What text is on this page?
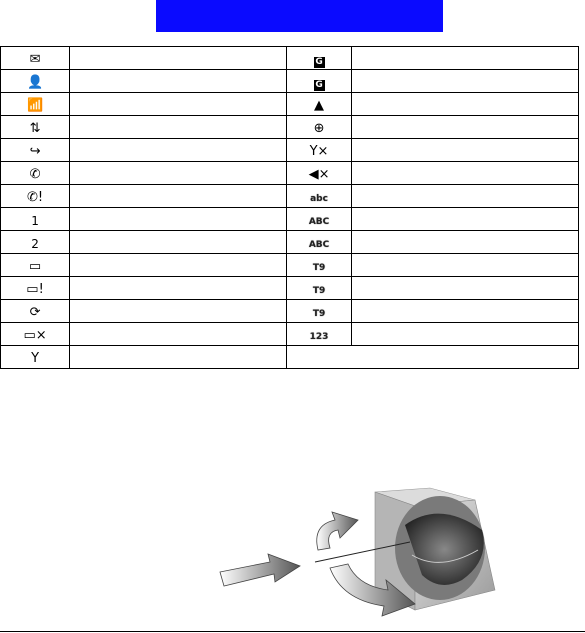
✉		G	
👤		G	
📶		▲	
⇅		⊕	
↪		Y×	
✆		◀×	
✆!		abc	
1		ABC	
2		ABC	
▭		T9	
▭!		T9	
⟳		T9	
▭×		123	
Y			
